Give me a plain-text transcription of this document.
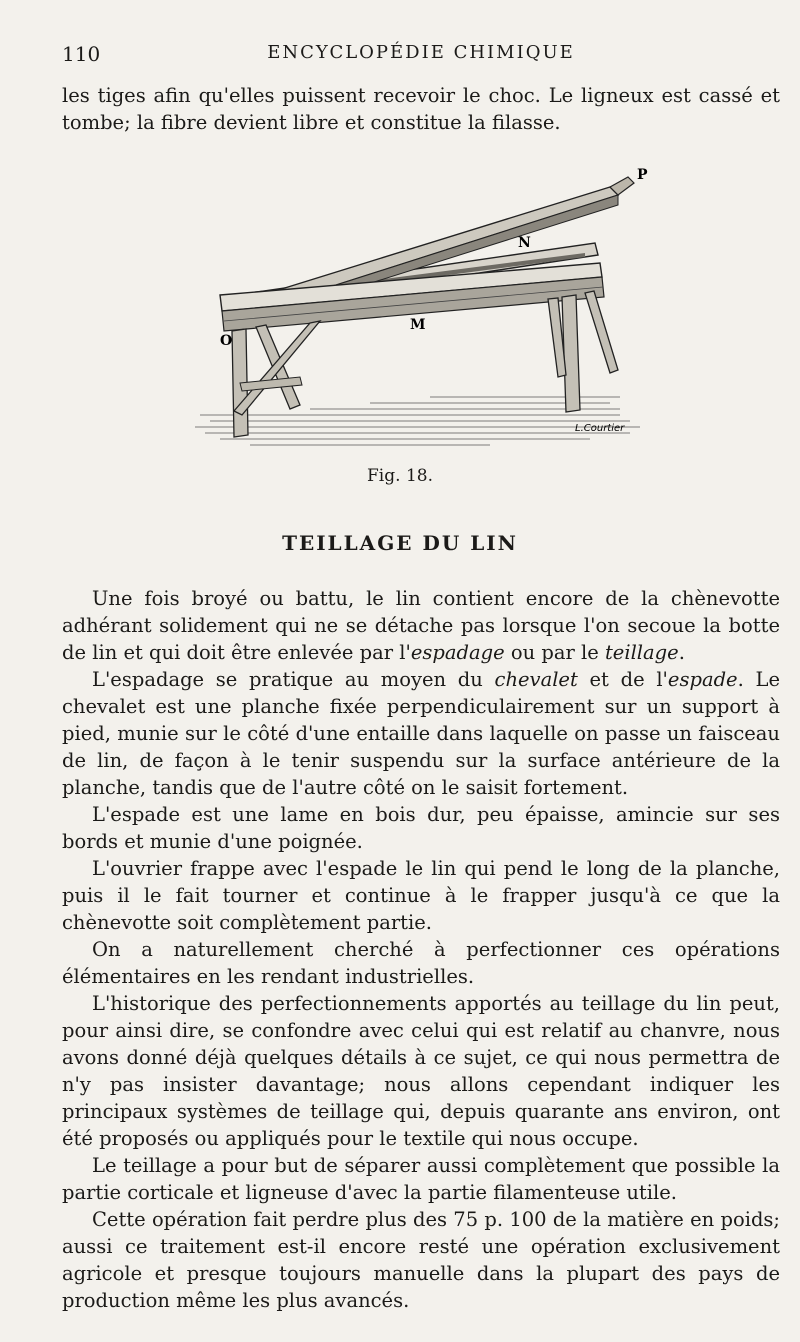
110	ENCYCLOPÉDIE CHIMIQUE

les tiges afin qu'elles puissent recevoir le choc. Le ligneux est cassé et tombe; la fibre devient libre et constitue la filasse.

P
N
M
O
L.Courtier
Fig. 18.
TEILLAGE DU LIN

Une fois broyé ou battu, le lin contient encore de la chènevotte adhérant solidement qui ne se détache pas lorsque l'on secoue la botte de lin et qui doit être enlevée par l'espadage ou par le teillage.

L'espadage se pratique au moyen du chevalet et de l'espade. Le chevalet est une planche fixée perpendiculairement sur un support à pied, munie sur le côté d'une entaille dans laquelle on passe un faisceau de lin, de façon à le tenir suspendu sur la surface antérieure de la planche, tandis que de l'autre côté on le saisit fortement.

L'espade est une lame en bois dur, peu épaisse, amincie sur ses bords et munie d'une poignée.

L'ouvrier frappe avec l'espade le lin qui pend le long de la planche, puis il le fait tourner et continue à le frapper jusqu'à ce que la chènevotte soit complètement partie.

On a naturellement cherché à perfectionner ces opérations élémentaires en les rendant industrielles.

L'historique des perfectionnements apportés au teillage du lin peut, pour ainsi dire, se confondre avec celui qui est relatif au chanvre, nous avons donné déjà quelques détails à ce sujet, ce qui nous permettra de n'y pas insister davantage; nous allons cependant indiquer les principaux systèmes de teillage qui, depuis quarante ans environ, ont été proposés ou appliqués pour le textile qui nous occupe.

Le teillage a pour but de séparer aussi complètement que possible la partie corticale et ligneuse d'avec la partie filamenteuse utile.

Cette opération fait perdre plus des 75 p. 100 de la matière en poids; aussi ce traitement est-il encore resté une opération exclusivement agricole et presque toujours manuelle dans la plupart des pays de production même les plus avancés.
